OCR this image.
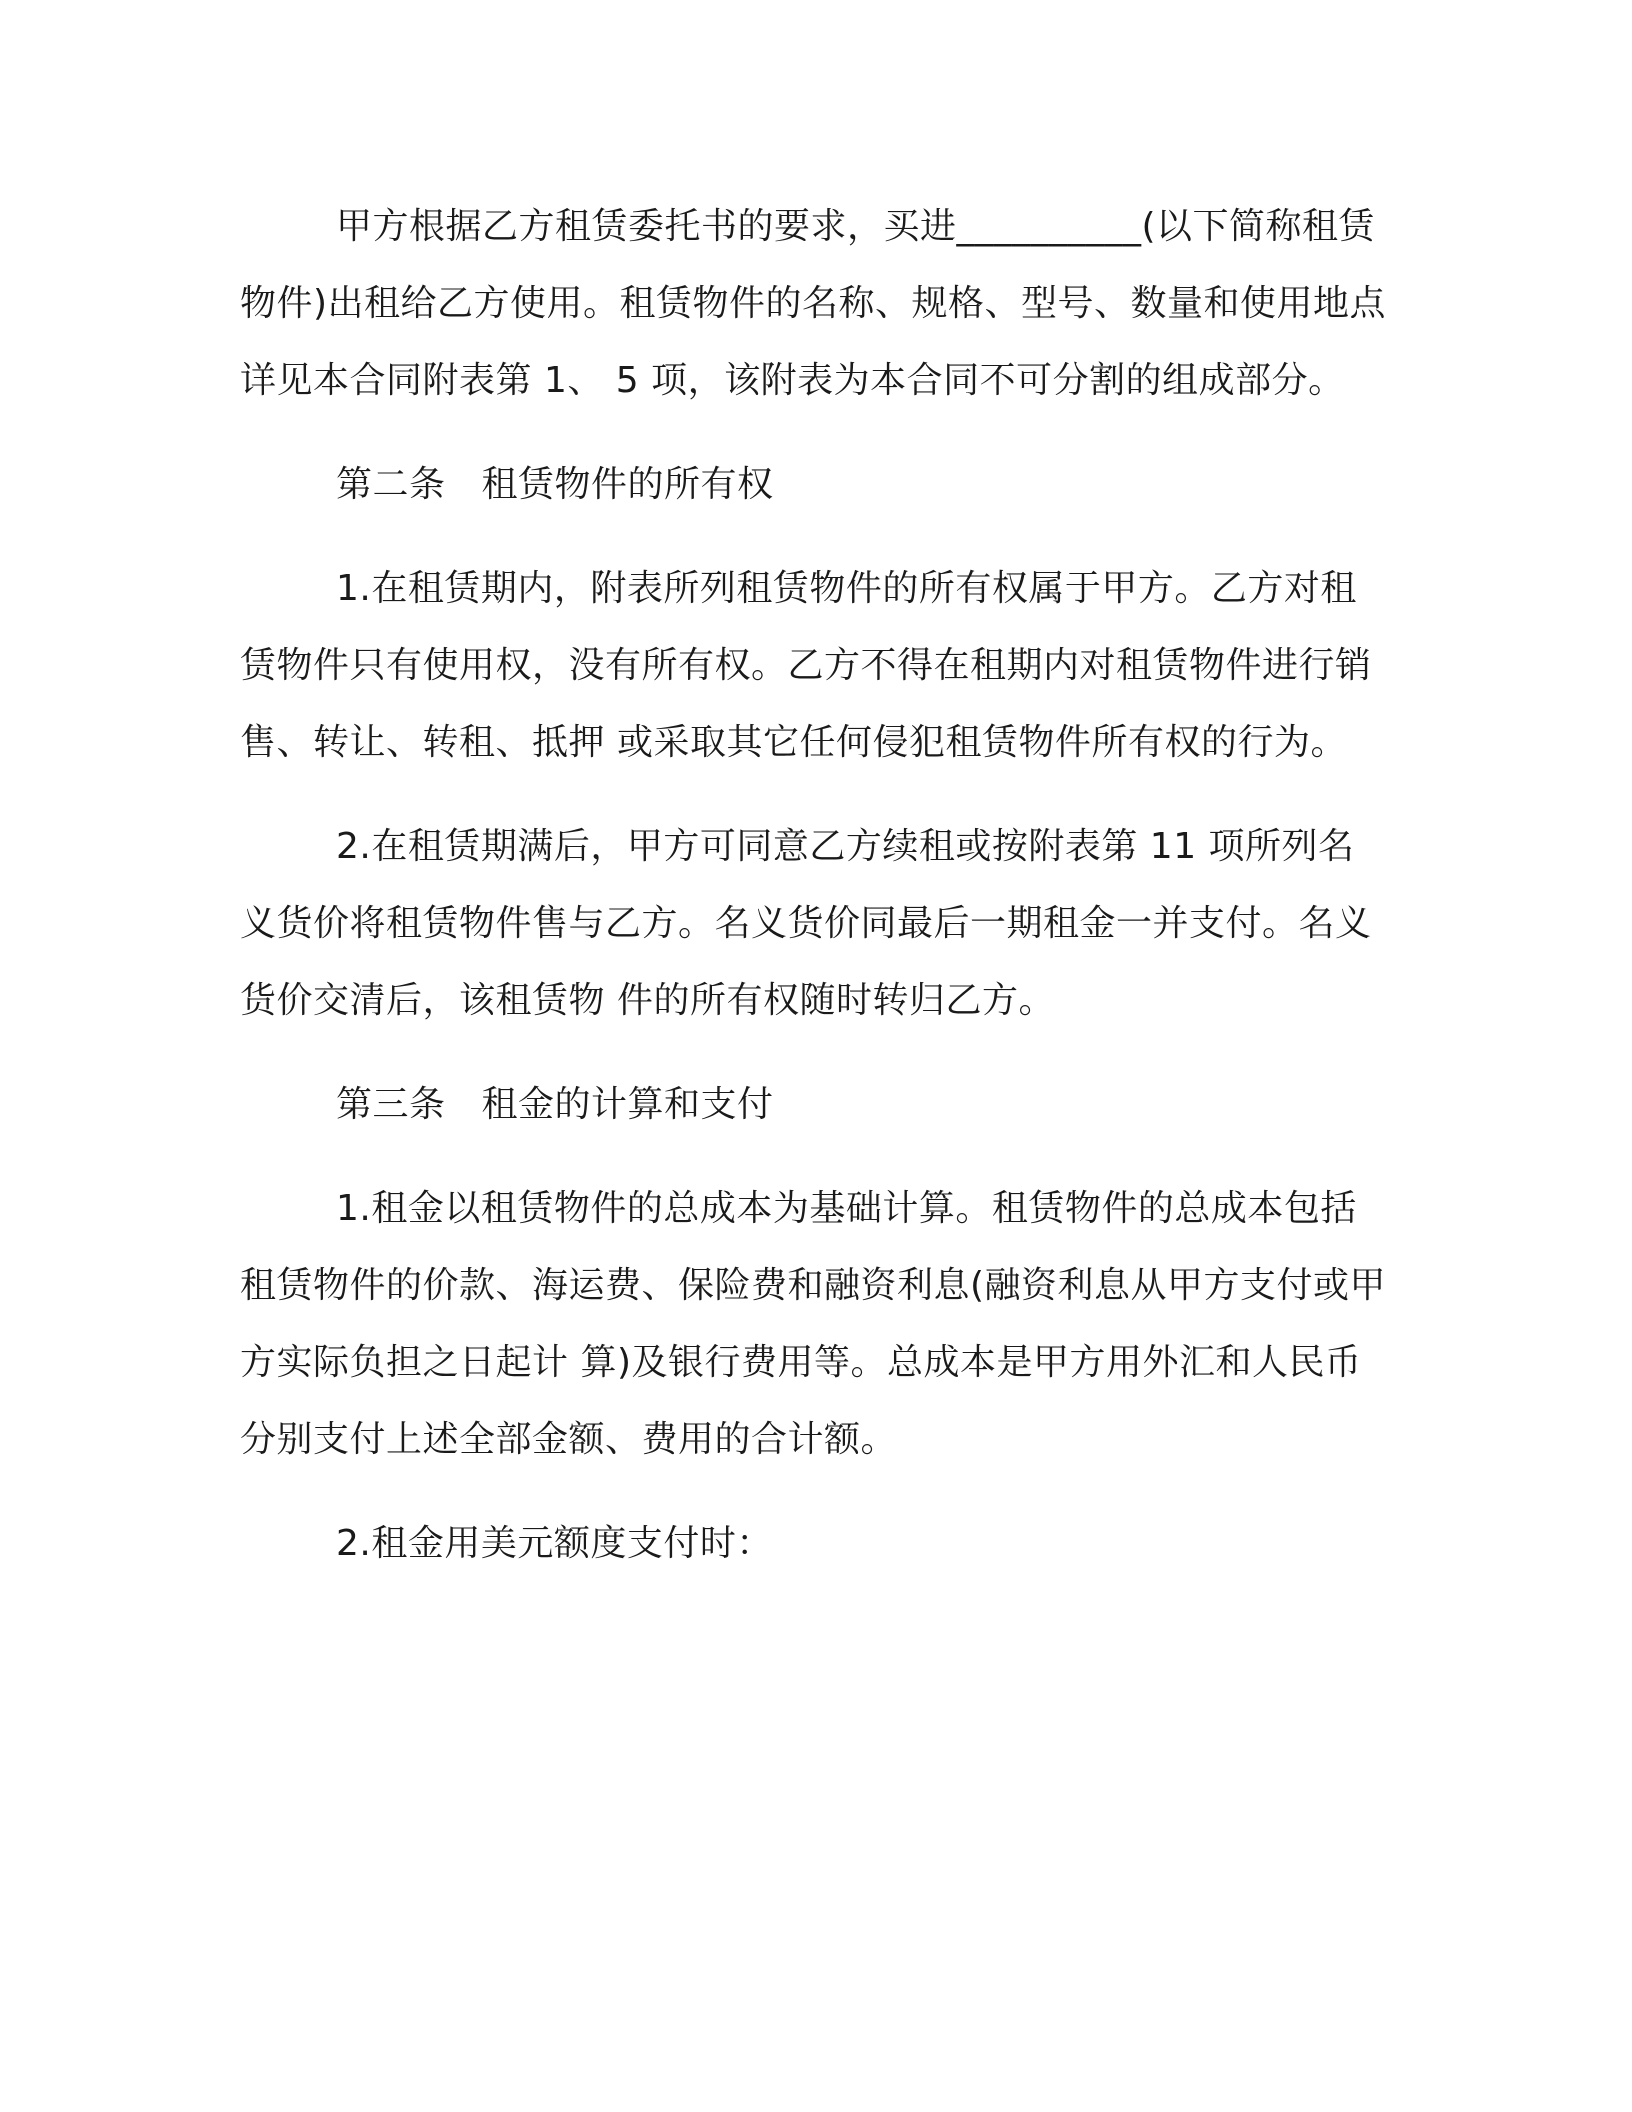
甲方根据乙方租赁委托书的要求，买进__________(以下简称租赁物件)出租给乙方使用。租赁物件的名称、规格、型号、数量和使用地点详见本合同附表第 1、 5 项，该附表为本合同不可分割的组成部分。

第二条 租赁物件的所有权

1.在租赁期内，附表所列租赁物件的所有权属于甲方。乙方对租赁物件只有使用权，没有所有权。乙方不得在租期内对租赁物件进行销售、转让、转租、抵押 或采取其它任何侵犯租赁物件所有权的行为。

2.在租赁期满后，甲方可同意乙方续租或按附表第 11 项所列名义货价将租赁物件售与乙方。名义货价同最后一期租金一并支付。名义货价交清后，该租赁物 件的所有权随时转归乙方。

第三条 租金的计算和支付

1.租金以租赁物件的总成本为基础计算。租赁物件的总成本包括租赁物件的价款、海运费、保险费和融资利息(融资利息从甲方支付或甲方实际负担之日起计 算)及银行费用等。总成本是甲方用外汇和人民币分别支付上述全部金额、费用的合计额。

2.租金用美元额度支付时：
